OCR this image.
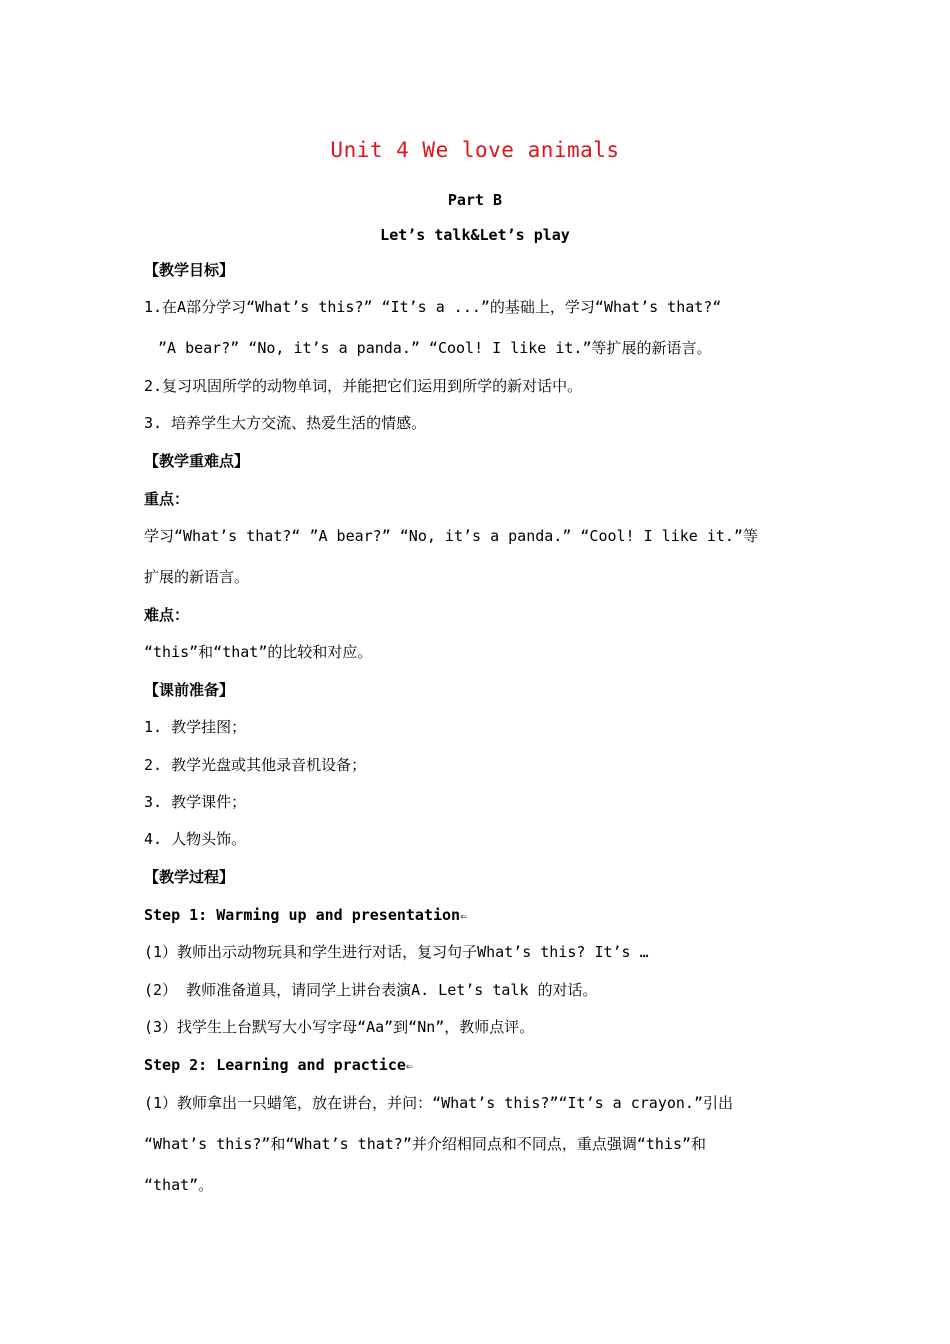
Unit 4 We love animals
Part B
Let’s talk&Let’s play
【教学目标】
1.在A部分学习“What’s this?” “It’s a ...”的基础上，学习“What’s that?“
”A bear?” “No, it’s a panda.” “Cool! I like it.”等扩展的新语言。
2.复习巩固所学的动物单词，并能把它们运用到所学的新对话中。
3. 培养学生大方交流、热爱生活的情感。
【教学重难点】
重点：
学习“What’s that?“ ”A bear?” “No, it’s a panda.” “Cool! I like it.”等
扩展的新语言。
难点：
“this”和“that”的比较和对应。
【课前准备】
1. 教学挂图；
2. 教学光盘或其他录音机设备；
3. 教学课件；
4. 人物头饰。
【教学过程】
Step 1: Warming up and presentation⇐
(1）教师出示动物玩具和学生进行对话，复习句子What’s this? It’s …
(2） 教师准备道具，请同学上讲台表演A. Let’s talk 的对话。
(3）找学生上台默写大小写字母“Aa”到“Nn”，教师点评。
Step 2: Learning and practice⇐
(1）教师拿出一只蜡笔，放在讲台，并问：“What’s this?”“It’s a crayon.”引出
“What’s this?”和“What’s that?”并介绍相同点和不同点，重点强调“this”和
“that”。
